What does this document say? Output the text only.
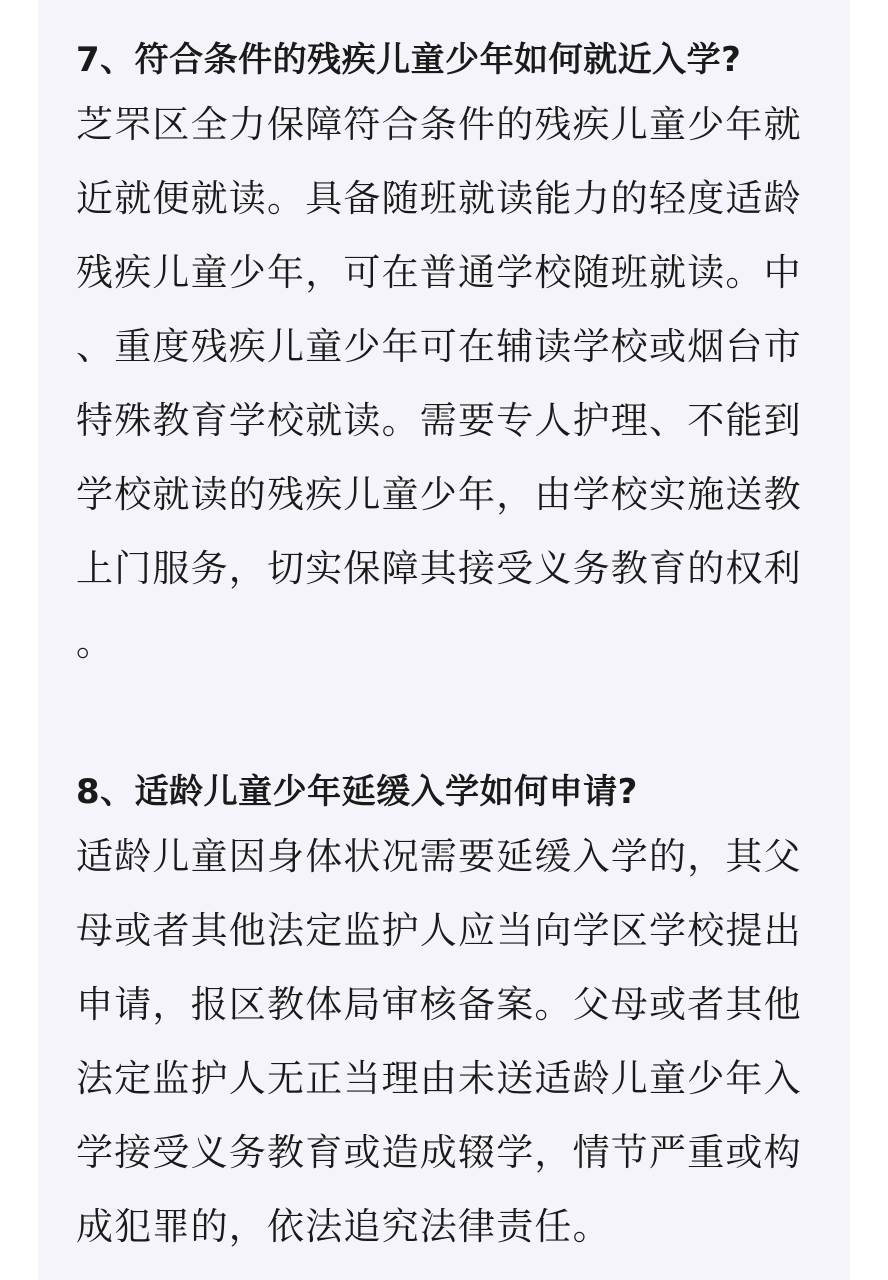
7、符合条件的残疾儿童少年如何就近入学?

芝罘区全力保障符合条件的残疾儿童少年就近就便就读。具备随班就读能力的轻度适龄残疾儿童少年，可在普通学校随班就读。中、重度残疾儿童少年可在辅读学校或烟台市特殊教育学校就读。需要专人护理、不能到学校就读的残疾儿童少年，由学校实施送教上门服务，切实保障其接受义务教育的权利。

8、适龄儿童少年延缓入学如何申请?

适龄儿童因身体状况需要延缓入学的，其父母或者其他法定监护人应当向学区学校提出申请，报区教体局审核备案。父母或者其他法定监护人无正当理由未送适龄儿童少年入学接受义务教育或造成辍学，情节严重或构成犯罪的，依法追究法律责任。
